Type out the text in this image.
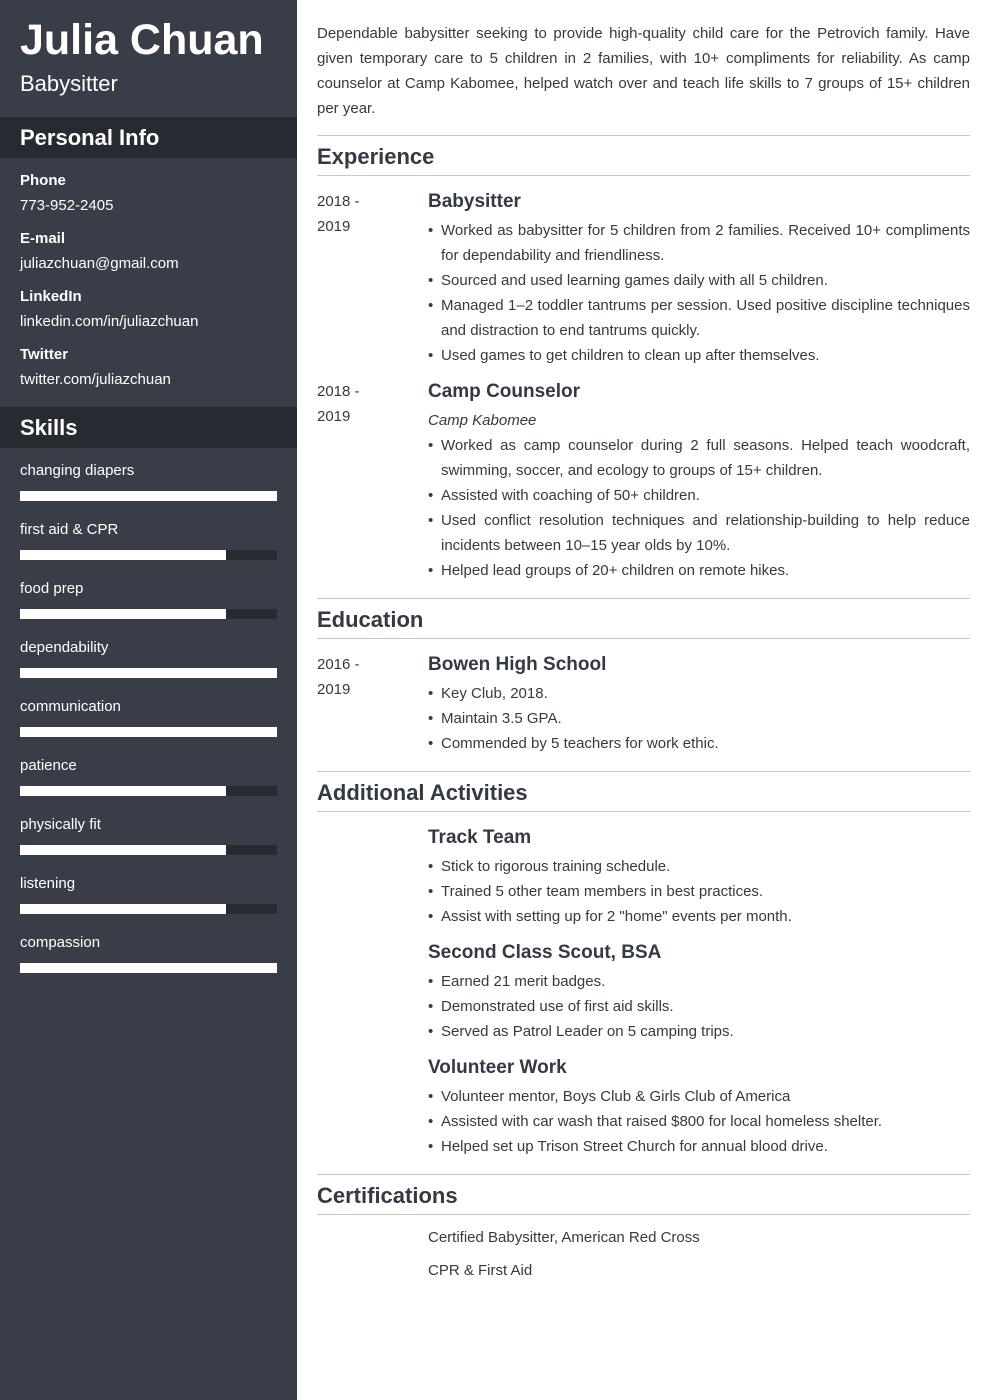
Julia Chuan
Babysitter
Personal Info
Phone
773-952-2405
E-mail
juliazchuan@gmail.com
LinkedIn
linkedin.com/in/juliazchuan
Twitter
twitter.com/juliazchuan
Skills
changing diapers
first aid & CPR
food prep
dependability
communication
patience
physically fit
listening
compassion

Dependable babysitter seeking to provide high-quality child care for the Petrovich family. Have given temporary care to 5 children in 2 families, with 10+ compliments for reliability. As camp counselor at Camp Kabomee, helped watch over and teach life skills to 7 groups of 15+ children per year.

Experience
2018 -
2019
Babysitter
• Worked as babysitter for 5 children from 2 families. Received 10+ compliments for dependability and friendliness.
• Sourced and used learning games daily with all 5 children.
• Managed 1–2 toddler tantrums per session. Used positive discipline techniques and distraction to end tantrums quickly.
• Used games to get children to clean up after themselves.
2018 -
2019
Camp Counselor
Camp Kabomee
• Worked as camp counselor during 2 full seasons. Helped teach woodcraft, swimming, soccer, and ecology to groups of 15+ children.
• Assisted with coaching of 50+ children.
• Used conflict resolution techniques and relationship-building to help reduce incidents between 10–15 year olds by 10%.
• Helped lead groups of 20+ children on remote hikes.
Education
2016 -
2019
Bowen High School
• Key Club, 2018.
• Maintain 3.5 GPA.
• Commended by 5 teachers for work ethic.
Additional Activities
Track Team
• Stick to rigorous training schedule.
• Trained 5 other team members in best practices.
• Assist with setting up for 2 "home" events per month.
Second Class Scout, BSA
• Earned 21 merit badges.
• Demonstrated use of first aid skills.
• Served as Patrol Leader on 5 camping trips.
Volunteer Work
• Volunteer mentor, Boys Club & Girls Club of America
• Assisted with car wash that raised $800 for local homeless shelter.
• Helped set up Trison Street Church for annual blood drive.
Certifications
Certified Babysitter, American Red Cross
CPR & First Aid
